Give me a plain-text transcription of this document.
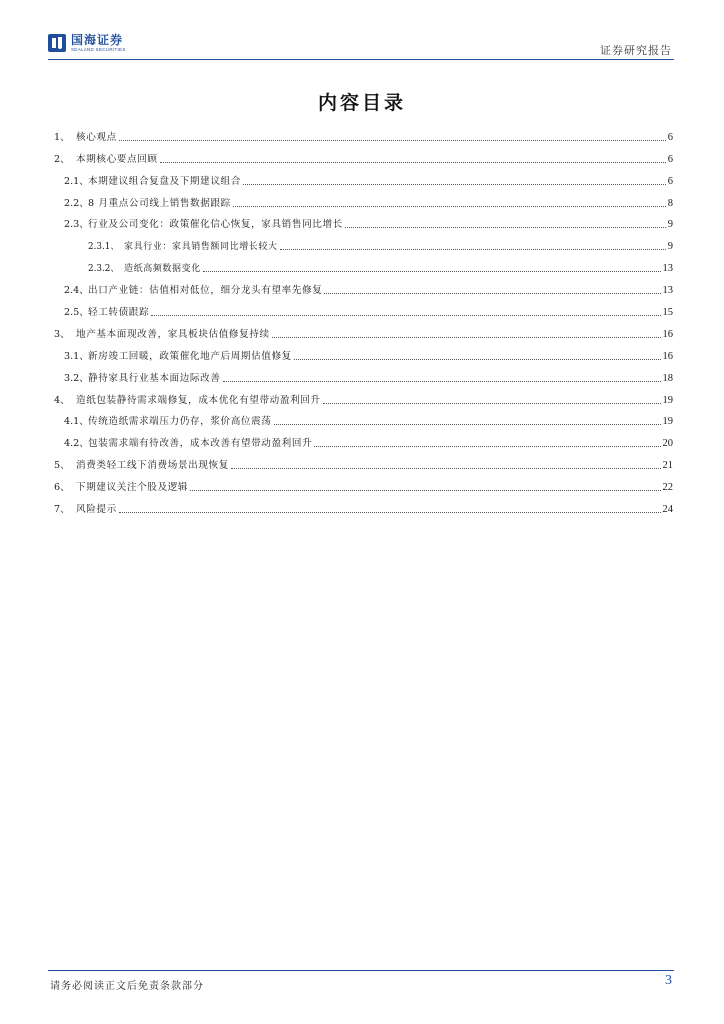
国海证券
SEALAND SECURITIES	证券研究报告
内容目录
1、 核心观点	6
2、 本期核心要点回顾	6
2.1、 本期建议组合复盘及下期建议组合	6
2.2、 8 月重点公司线上销售数据跟踪	8
2.3、 行业及公司变化：政策催化信心恢复，家具销售同比增长	9
2.3.1、 家具行业：家具销售额同比增长较大	9
2.3.2、 造纸高频数据变化	13
2.4、 出口产业链：估值相对低位，细分龙头有望率先修复	13
2.5、 轻工转债跟踪	15
3、 地产基本面现改善，家具板块估值修复持续	16
3.1、 新房竣工回暖，政策催化地产后周期估值修复	16
3.2、 静待家具行业基本面边际改善	18
4、 造纸包装静待需求端修复，成本优化有望带动盈利回升	19
4.1、 传统造纸需求端压力仍存，浆价高位震荡	19
4.2、 包装需求端有待改善，成本改善有望带动盈利回升	20
5、 消费类轻工线下消费场景出现恢复	21
6、 下期建议关注个股及逻辑	22
7、 风险提示	24
请务必阅读正文后免责条款部分	3
